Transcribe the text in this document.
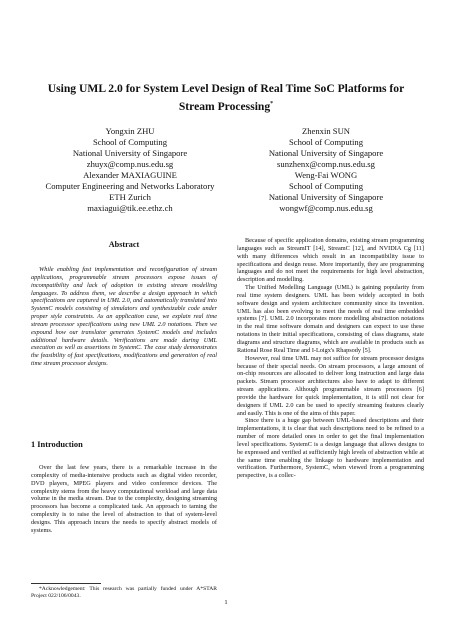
Using UML 2.0 for System Level Design of Real Time SoC Platforms for Stream Processing*
Yongxin ZHU
School of Computing
National University of Singapore
zhuyx@comp.nus.edu.sg
Zhenxin SUN
School of Computing
National University of Singapore
sunzhenx@comp.nus.edu.sg
Alexander MAXIAGUINE
Computer Engineering and Networks Laboratory
ETH Zurich
maxiagui@tik.ee.ethz.ch
Weng-Fai WONG
School of Computing
National University of Singapore
wongwf@comp.nus.edu.sg
Abstract

While enabling fast implementation and reconfiguration of stream applications, programmable stream processors expose issues of incompatibility and lack of adoption in existing stream modelling languages. To address them, we describe a design approach in which specifications are captured in UML 2.0, and automatically translated into SystemC models consisting of simulators and synthesizable code under proper style constraints. As an application case, we explain real time stream processor specifications using new UML 2.0 notations. Then we expound how our translator generates SystemC models and includes additional hardware details. Verifications are made during UML execution as well as assertions in SystemC. The case study demonstrates the feasibility of fast specifications, modifications and generation of real time stream processor designs.

1 Introduction

Over the last few years, there is a remarkable increase in the complexity of media-intensive products such as digital video recorder, DVD players, MPEG players and video conference devices. The complexity stems from the heavy computational workload and large data volume in the media stream. Due to the complexity, designing streaming processors has become a complicated task. An approach to taming the complexity is to raise the level of abstraction to that of system-level designs. This approach incurs the needs to specify abstract models of systems.

*Acknowledgement: This research was partially funded under A*STAR Project 022/106/0043.

Because of specific application domains, existing stream programming languages such as StreamIT [14], StreamC [12], and NVIDIA Cg [11] with many differences which result in an incompatibility issue to specifications and design reuse. More importantly, they are programming languages and do not meet the requirements for high level abstraction, description and modelling.

The Unified Modelling Language (UML) is gaining popularity from real time system designers. UML has been widely accepted in both software design and system architecture community since its invention. UML has also been evolving to meet the needs of real time embedded systems [7]. UML 2.0 incorporates more modelling abstraction notations in the real time software domain and designers can expect to use these notations in their initial specifications, consisting of class diagrams, state diagrams and structure diagrams, which are available in products such as Rational Rose Real Time and I-Loigx's Rhapsody [5].

However, real time UML may not suffice for stream processor designs because of their special needs. On stream processors, a large amount of on-chip resources are allocated to deliver long instruction and large data packets. Stream processor architectures also have to adapt to different stream applications. Although programmable stream processors [6] provide the hardware for quick implementation, it is still not clear for designers if UML 2.0 can be used to specify streaming features clearly and easily. This is one of the aims of this paper.

Since there is a huge gap between UML-based descriptions and their implementations, it is clear that such descriptions need to be refined to a number of more detailed ones in order to get the final implementation level specifications. SystemC is a design language that allows designs to be expressed and verified at sufficiently high levels of abstraction while at the same time enabling the linkage to hardware implementation and verification. Furthermore, SystemC, when viewed from a programming perspective, is a collec-

1
